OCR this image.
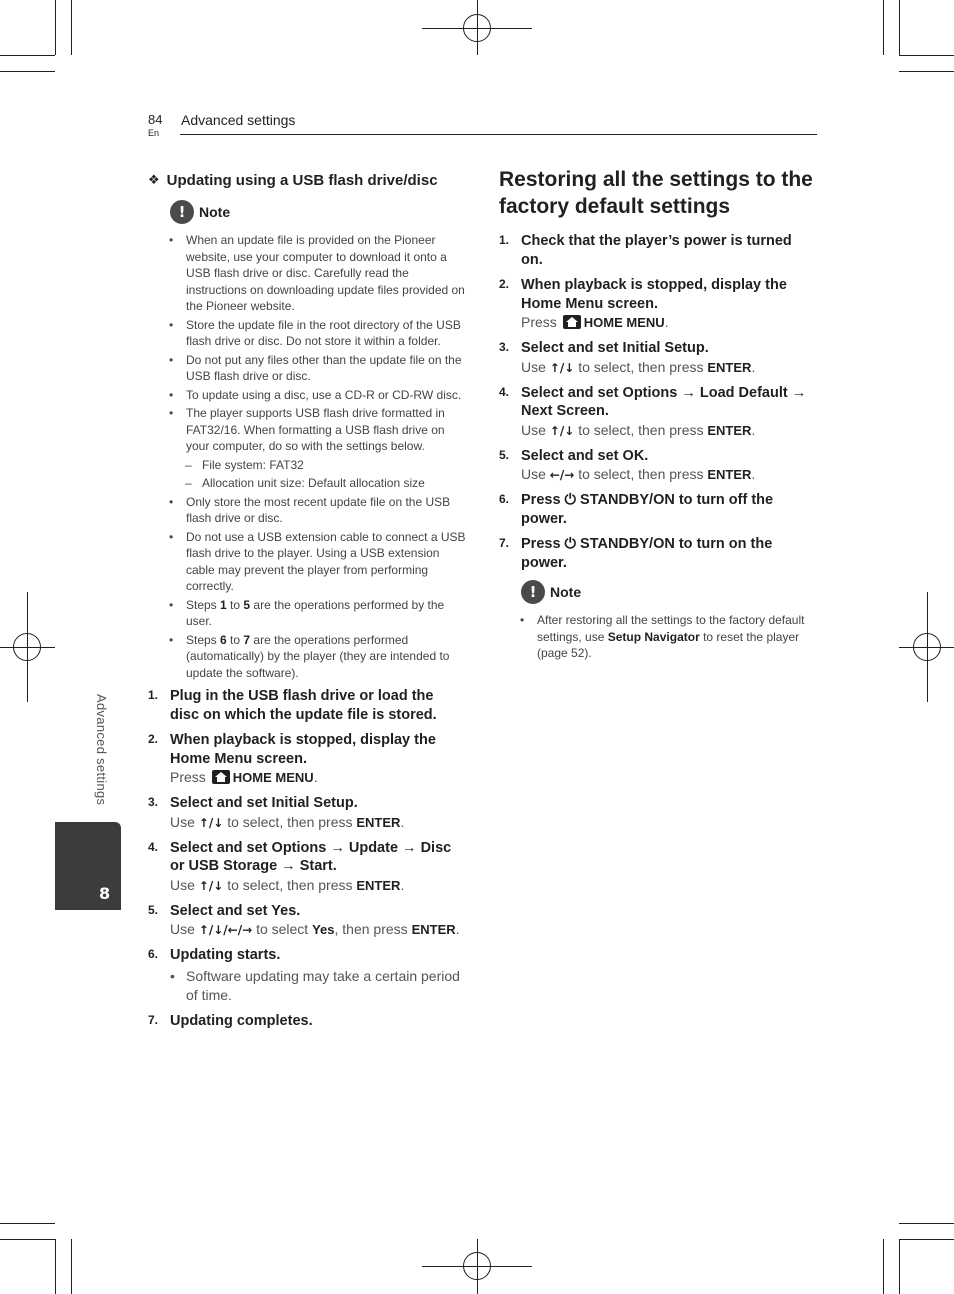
84
En
Advanced settings
Advanced settings
8
❖ Updating using a USB flash drive/disc
! Note
• When an update file is provided on the Pioneer website, use your computer to download it onto a USB flash drive or disc. Carefully read the instructions on downloading update files provided on the Pioneer website.
• Store the update file in the root directory of the USB flash drive or disc. Do not store it within a folder.
• Do not put any files other than the update file on the USB flash drive or disc.
• To update using a disc, use a CD-R or CD-RW disc.
• The player supports USB flash drive formatted in FAT32/16. When formatting a USB flash drive on your computer, do so with the settings below.
– File system: FAT32
– Allocation unit size: Default allocation size
• Only store the most recent update file on the USB flash drive or disc.
• Do not use a USB extension cable to connect a USB flash drive to the player. Using a USB extension cable may prevent the player from performing correctly.
• Steps 1 to 5 are the operations performed by the user.
• Steps 6 to 7 are the operations performed (automatically) by the player (they are intended to update the software).
1. Plug in the USB flash drive or load the disc on which the update file is stored.
2. When playback is stopped, display the Home Menu screen.
Press HOME MENU.
3. Select and set Initial Setup.
Use ↑/↓ to select, then press ENTER.
4. Select and set Options → Update → Disc or USB Storage → Start.
Use ↑/↓ to select, then press ENTER.
5. Select and set Yes.
Use ↑/↓/←/→ to select Yes, then press ENTER.
6. Updating starts.
• Software updating may take a certain period of time.
7. Updating completes.
Restoring all the settings to the factory default settings
1. Check that the player’s power is turned on.
2. When playback is stopped, display the Home Menu screen.
Press HOME MENU.
3. Select and set Initial Setup.
Use ↑/↓ to select, then press ENTER.
4. Select and set Options → Load Default → Next Screen.
Use ↑/↓ to select, then press ENTER.
5. Select and set OK.
Use ←/→ to select, then press ENTER.
6. Press ⏻ STANDBY/ON to turn off the power.
7. Press ⏻ STANDBY/ON to turn on the power.
! Note
• After restoring all the settings to the factory default settings, use Setup Navigator to reset the player (page 52).
